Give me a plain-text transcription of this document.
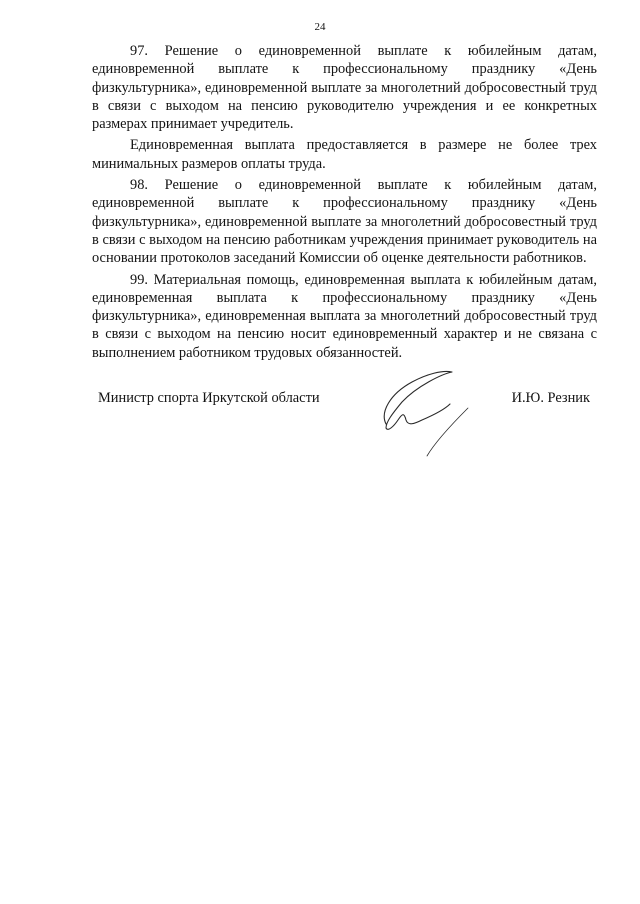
24

97. Решение о единовременной выплате к юбилейным датам, единовременной выплате к профессиональному празднику «День физкультурника», единовременной выплате за многолетний добросовестный труд в связи с выходом на пенсию руководителю учреждения и ее конкретных размерах принимает учредитель.

Единовременная выплата предоставляется в размере не более трех минимальных размеров оплаты труда.

98. Решение о единовременной выплате к юбилейным датам, единовременной выплате к профессиональному празднику «День физкультурника», единовременной выплате за многолетний добросовестный труд в связи с выходом на пенсию работникам учреждения принимает руководитель на основании протоколов заседаний Комиссии об оценке деятельности работников.

99. Материальная помощь, единовременная выплата к юбилейным датам, единовременная выплата к профессиональному празднику «День физкультурника», единовременная выплата за многолетний добросовестный труд в связи с выходом на пенсию носит единовременный характер и не связана с выполнением работником трудовых обязанностей.

Министр спорта Иркутской области	И.Ю. Резник
